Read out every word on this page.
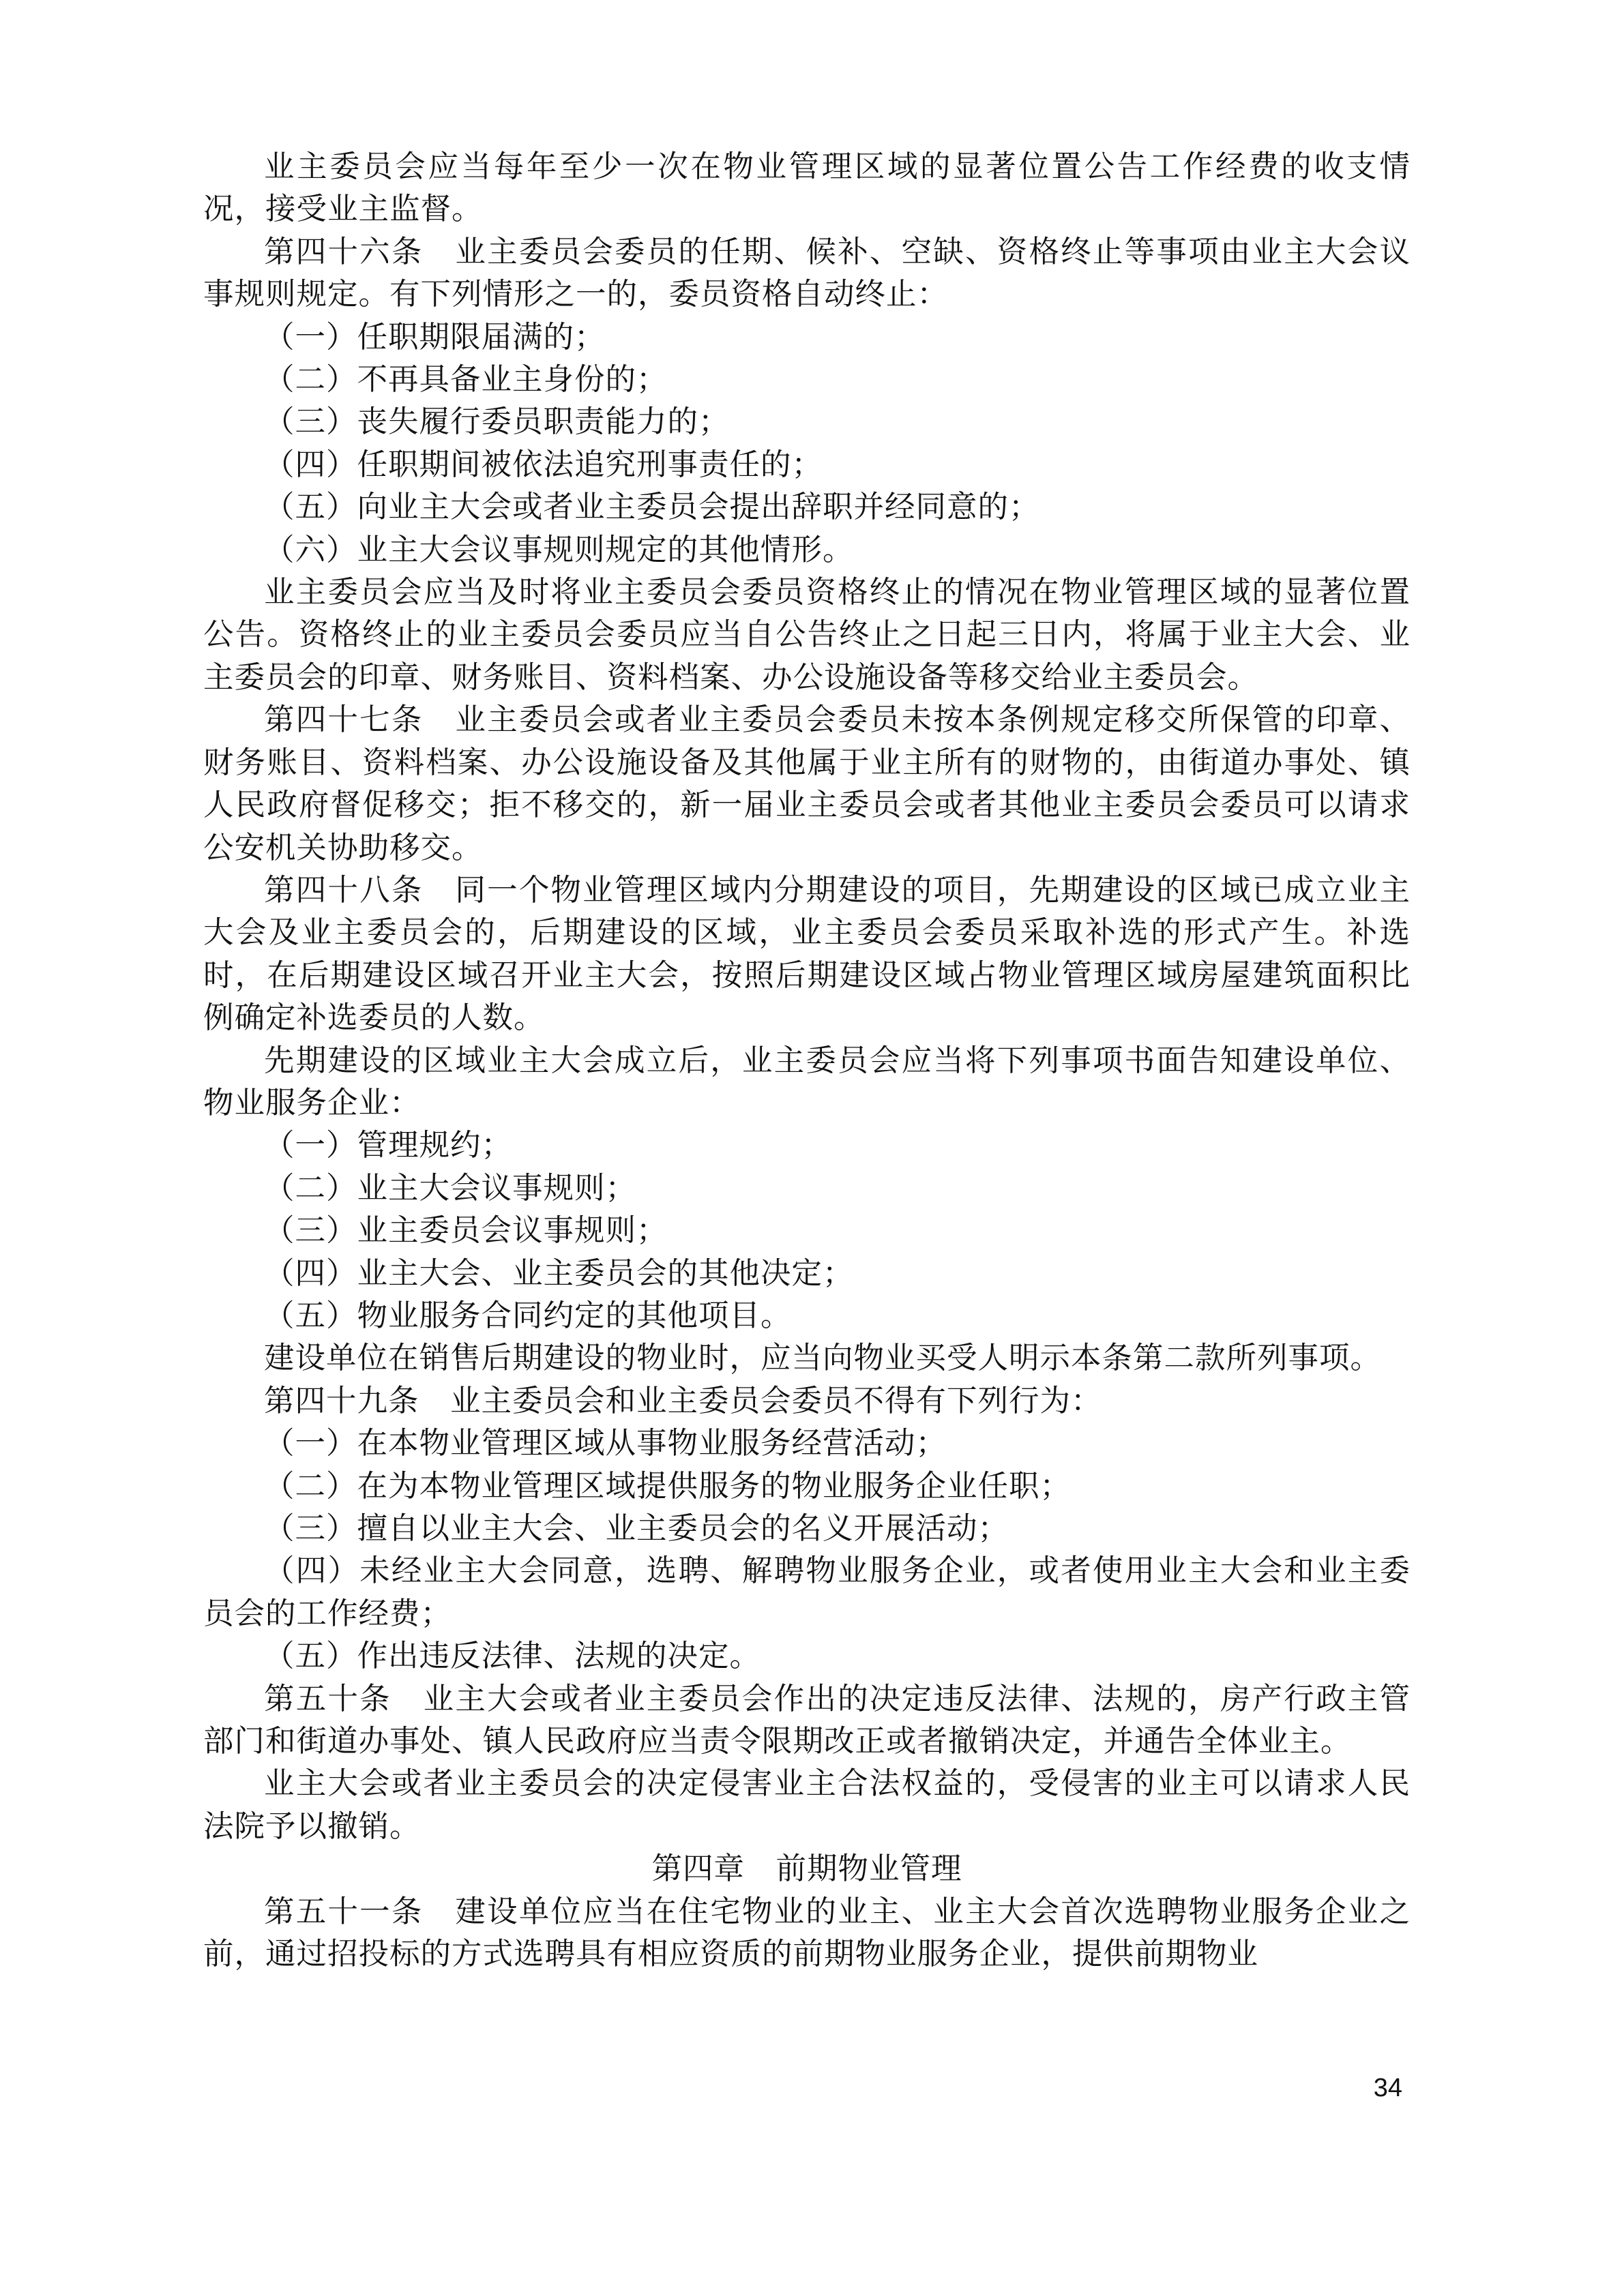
业主委员会应当每年至少一次在物业管理区域的显著位置公告工作经费的收支情况，接受业主监督。

第四十六条　业主委员会委员的任期、候补、空缺、资格终止等事项由业主大会议事规则规定。有下列情形之一的，委员资格自动终止：

（一）任职期限届满的；

（二）不再具备业主身份的；

（三）丧失履行委员职责能力的；

（四）任职期间被依法追究刑事责任的；

（五）向业主大会或者业主委员会提出辞职并经同意的；

（六）业主大会议事规则规定的其他情形。

业主委员会应当及时将业主委员会委员资格终止的情况在物业管理区域的显著位置公告。资格终止的业主委员会委员应当自公告终止之日起三日内，将属于业主大会、业主委员会的印章、财务账目、资料档案、办公设施设备等移交给业主委员会。

第四十七条　业主委员会或者业主委员会委员未按本条例规定移交所保管的印章、财务账目、资料档案、办公设施设备及其他属于业主所有的财物的，由街道办事处、镇人民政府督促移交；拒不移交的，新一届业主委员会或者其他业主委员会委员可以请求公安机关协助移交。

第四十八条　同一个物业管理区域内分期建设的项目，先期建设的区域已成立业主大会及业主委员会的，后期建设的区域，业主委员会委员采取补选的形式产生。补选时，在后期建设区域召开业主大会，按照后期建设区域占物业管理区域房屋建筑面积比例确定补选委员的人数。

先期建设的区域业主大会成立后，业主委员会应当将下列事项书面告知建设单位、物业服务企业：

（一）管理规约；

（二）业主大会议事规则；

（三）业主委员会议事规则；

（四）业主大会、业主委员会的其他决定；

（五）物业服务合同约定的其他项目。

建设单位在销售后期建设的物业时，应当向物业买受人明示本条第二款所列事项。

第四十九条　业主委员会和业主委员会委员不得有下列行为：

（一）在本物业管理区域从事物业服务经营活动；

（二）在为本物业管理区域提供服务的物业服务企业任职；

（三）擅自以业主大会、业主委员会的名义开展活动；

（四）未经业主大会同意，选聘、解聘物业服务企业，或者使用业主大会和业主委员会的工作经费；

（五）作出违反法律、法规的决定。

第五十条　业主大会或者业主委员会作出的决定违反法律、法规的，房产行政主管部门和街道办事处、镇人民政府应当责令限期改正或者撤销决定，并通告全体业主。

业主大会或者业主委员会的决定侵害业主合法权益的，受侵害的业主可以请求人民法院予以撤销。

第四章　前期物业管理

第五十一条　建设单位应当在住宅物业的业主、业主大会首次选聘物业服务企业之前，通过招投标的方式选聘具有相应资质的前期物业服务企业，提供前期物业

34
